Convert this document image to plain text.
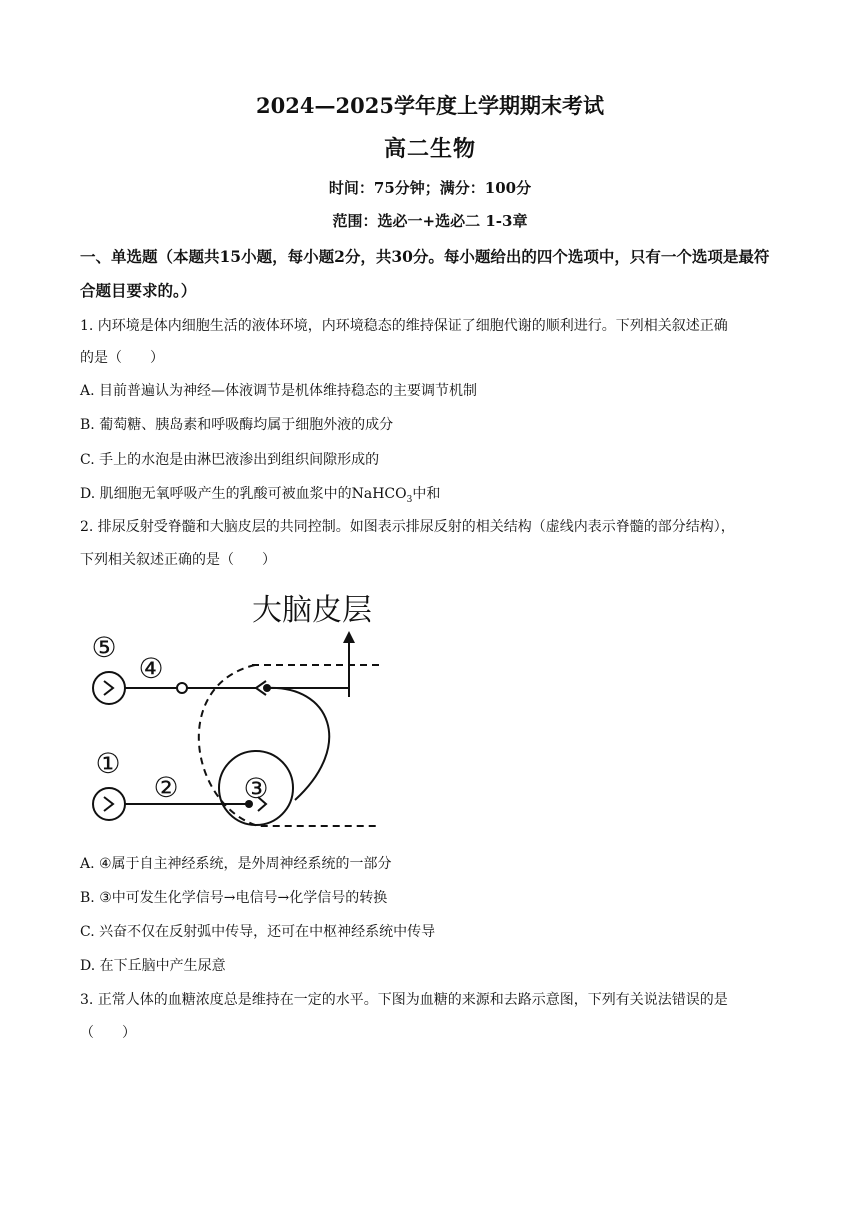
2024—2025学年度上学期期末考试
高二生物
时间：75分钟；满分：100分
范围：选必一+选必二 1-3章
一、单选题（本题共15小题，每小题2分，共30分。每小题给出的四个选项中，只有一个选项是最符合题目要求的。）
1. 内环境是体内细胞生活的液体环境，内环境稳态的维持保证了细胞代谢的顺利进行。下列相关叙述正确
的是（　　）
A. 目前普遍认为神经—体液调节是机体维持稳态的主要调节机制
B. 葡萄糖、胰岛素和呼吸酶均属于细胞外液的成分
C. 手上的水泡是由淋巴液渗出到组织间隙形成的
D. 肌细胞无氧呼吸产生的乳酸可被血浆中的NaHCO$_3$中和
2. 排尿反射受脊髓和大脑皮层的共同控制。如图表示排尿反射的相关结构（虚线内表示脊髓的部分结构），
下列相关叙述正确的是（　　）
大脑皮层
⑤
④
①
② ③
A. ④属于自主神经系统，是外周神经系统的一部分
B. ③中可发生化学信号→电信号→化学信号的转换
C. 兴奋不仅在反射弧中传导，还可在中枢神经系统中传导
D. 在下丘脑中产生尿意
3. 正常人体的血糖浓度总是维持在一定的水平。下图为血糖的来源和去路示意图，下列有关说法错误的是
（　　）
